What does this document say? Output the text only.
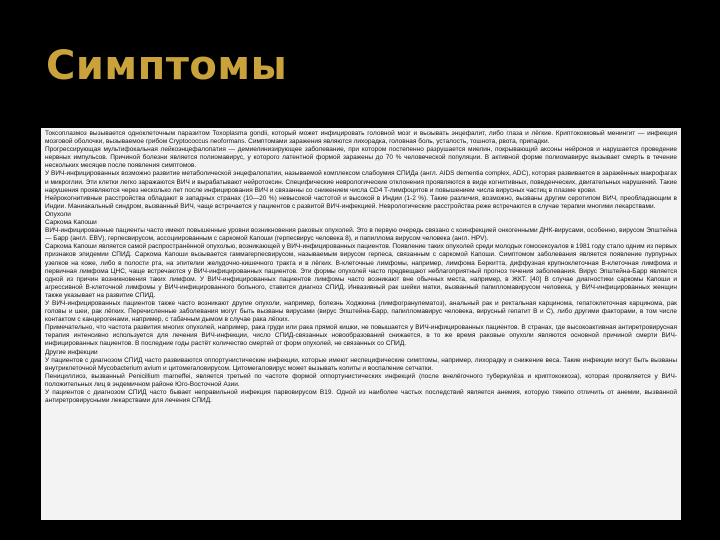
Симптомы

Токсоплазмоз вызывается одноклеточным паразитом Toxoplasma gondii, который может инфицировать головной мозг и вызывать энцефалит, либо глаза и лёгкие. Криптококковый менингит — инфекция мозговой оболочки, вызываемое грибом Cryptococcus neoformans. Симптомами заражения являются лихорадка, головная боль, усталость, тошнота, рвота, припадки.

Прогрессирующая мультифокальная лейкоэнцефалопатия — демиелинизирующее заболевание, при котором постепенно разрушается миелин, покрывающий аксоны нейронов и нарушается проведение нервных импульсов. Причиной болезни является полиомавирус, у которого латентной формой заражены до 70 % человеческой популяции. В активной форме полиомавирус вызывает смерть в течение нескольких месяцев после появления симптомов.

У ВИЧ-инфицированных возможно развитие метаболической энцефалопатии, называемой комплексом слабоумия СПИДа (англ. AIDS dementia complex, ADC), которая развивается в заражённых макрофагах и микроглии. Эти клетки легко заражаются ВИЧ и вырабатывают нейротоксин. Специфические неврологические отклонения проявляются в виде когнитивных, поведенческих, двигательных нарушений. Такие нарушения проявляются через несколько лет после инфицирования ВИЧ и связанны со снижением числа CD4 T-лимфоцитов и повышением числа вирусных частиц в плазме крови.

Нейрокогнитивные расстройства обладают в западных странах (10—20 %) невысокой частотой и высокой в Индии (1-2 %). Такие различия, возможно, вызваны другим серотипом ВИЧ, преобладающим в Индии. Маниакальный синдром, вызванный ВИЧ, чаще встречается у пациентов с развитой ВИЧ-инфекцией. Неврологические расстройства реже встречаются в случае терапии многими лекарствами.

Опухоли

Саркома Капоши

ВИЧ-инфицированные пациенты часто имеют повышенные уровни возникновения раковых опухолей. Это в первую очередь связано с коинфекцией онкогенными ДНК-вирусами, особенно, вирусом Эпштейна — Барр (англ. EBV), герпесвирусом, ассоциированным с саркомой Капоши (герпесвирус человека 8), и папиллома вирусом человека (англ. HPV).

Саркома Капоши является самой распространённой опухолью, возникающей у ВИЧ-инфицированных пациентов. Появление таких опухолей среди молодых гомосексуалов в 1981 году стало одним из первых признаков эпидемии СПИД. Саркома Капоши вызывается гаммагерпесвирусом, называемым вирусом герпеса, связанным с саркомой Капоши. Симптомом заболевания является появление пурпурных узелков на коже, либо в полости рта, на эпителии желудочно-кишечного тракта и в лёгких. В-клеточные лимфомы, например, лимфома Беркитта, диффузная крупноклеточная В-клеточная лимфома и первичная лимфома ЦНС, чаще встречаются у ВИЧ-инфицированных пациентов. Эти формы опухолей часто предвещают неблагоприятный прогноз течения заболевания. Вирус Эпштейна-Барр является одной из причин возникновения таких лимфом. У ВИЧ-инфицированных пациентов лимфомы часто возникают вне обычных места, например, в ЖКТ. [40] В случае диагностики саркомы Капоши и агрессивной В-клеточной лимфомы у ВИЧ-инфицированного больного, ставится диагноз СПИД. Инвазивный рак шейки матки, вызванный папилломавирусом человека, у ВИЧ-инфицированных женщин также указывает на развитие СПИД.

У ВИЧ-инфицированных пациентов также часто возникают другие опухоли, например, болезнь Ходжкина (лимфогранулематоз), анальный рак и ректальная карцинома, гепатоклеточная карцинома, рак головы и шеи, рак лёгких. Перечисленные заболевания могут быть вызваны вирусами (вирус Эпштейна-Барр, папилломавирус человека, вирусный гепатит В и С), либо другими факторами, в том числе контактом с канцерогенами, например, с табачным дымом в случае рака лёгких.

Примечательно, что частота развития многих опухолей, например, рака груди или рака прямой кишки, не повышается у ВИЧ-инфицированных пациентов. В странах, где высокоактивная антиретровирусная терапия интенсивно используется для лечения ВИЧ-инфекции, число СПИД-связанных новообразований снижается, в то же время раковые опухоли являются основной причиной смерти ВИЧ-инфицированных пациентов. В последние годы растёт количество смертей от форм опухолей, не связанных со СПИД.

Другие инфекции

У пациентов с диагнозом СПИД часто развиваются оппортунистические инфекции, которые имеют неспецифические симптомы, например, лихорадку и снижение веса. Такие инфекции могут быть вызваны внутриклеточной Mycobacterium avium и цитомегаловирусом. Цитомегаловирус может вызывать колиты и воспаление сетчатки.

Пенициллиоз, вызванный Penicillium marneffei, является третьей по частоте формой оппортунистических инфекций (после внелёгочного туберкулёза и криптококкоза), которая проявляется у ВИЧ-положительных лиц в эндемичном районе Юго-Восточной Азии.

У пациентов с диагнозом СПИД часто бывает неправильной инфекция парвовирусом B19. Одной из наиболее частых последствий является анемия, которую тяжело отличить от анемии, вызванной антиретровирусными лекарствами для лечения СПИД.
